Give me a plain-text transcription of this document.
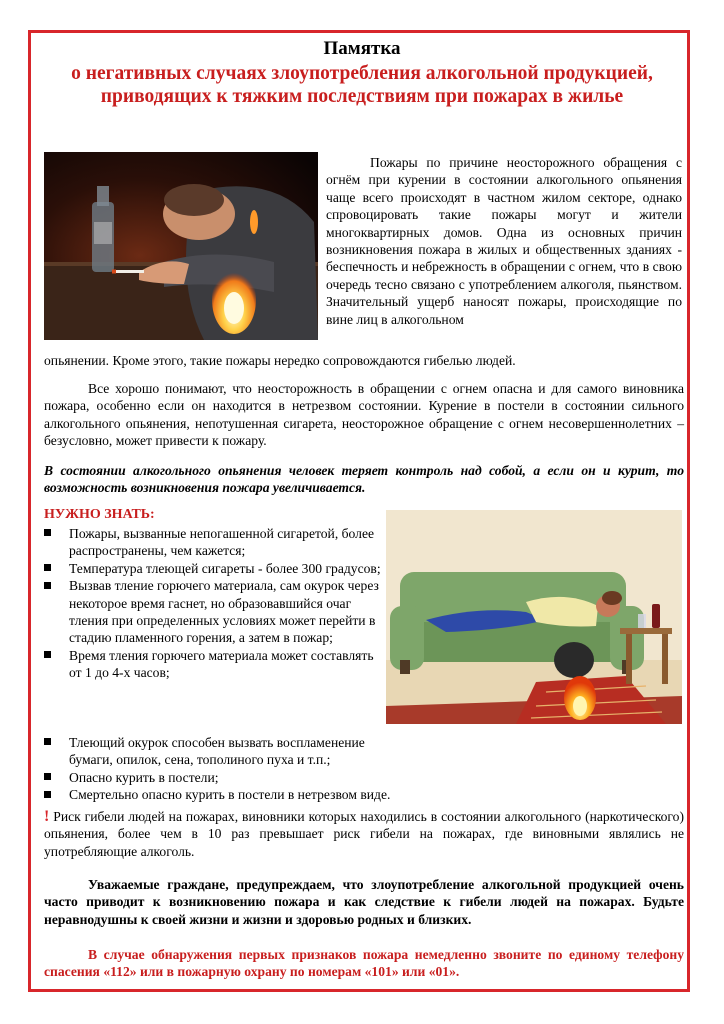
Памятка
о негативных случаях злоупотребления алкогольной продукцией, приводящих к тяжким последствиям при пожарах в жилье

Пожары по причине неосторожного обращения с огнём при курении в состоянии алкогольного опьянения чаще всего происходят в частном жилом секторе, однако спровоцировать такие пожары могут и жители многоквартирных домов. Одна из основных причин возникновения пожара в жилых и общественных зданиях - беспечность и небрежность в обращении с огнем, что в свою очередь тесно связано с употреблением алкоголя, пьянством. Значительный ущерб наносят пожары, происходящие по вине лиц в алкогольном

опьянении. Кроме этого, такие пожары нередко сопровождаются гибелью людей.

Все хорошо понимают, что неосторожность в обращении с огнем опасна и для самого виновника пожара, особенно если он находится в нетрезвом состоянии. Курение в постели в состоянии сильного алкогольного опьянения, непотушенная сигарета, неосторожное обращение с огнем несовершеннолетних – безусловно, может привести к пожару.

В состоянии алкогольного опьянения человек теряет контроль над собой, а если он и курит, то возможность возникновения пожара увеличивается.

НУЖНО ЗНАТЬ:
Пожары, вызванные непогашенной сигаретой, более распространены, чем кажется;
Температура тлеющей сигареты - более 300 градусов;
Вызвав тление горючего материала, сам окурок через некоторое время гаснет, но образовавшийся очаг тления при определенных условиях может перейти в стадию пламенного горения, а затем в пожар;
Время тления горючего материала может составлять от 1 до 4-х часов;
Тлеющий окурок способен вызвать воспламенение бумаги, опилок, сена, тополиного пуха и т.п.;
Опасно курить в постели;
Смертельно опасно курить в постели в нетрезвом виде.

! Риск гибели людей на пожарах, виновники которых находились в состоянии алкогольного (наркотического) опьянения, более чем в 10 раз превышает риск гибели на пожарах, где виновными являлись не употребляющие алкоголь.

Уважаемые граждане, предупреждаем, что злоупотребление алкогольной продукцией очень часто приводит к возникновению пожара и как следствие к гибели людей на пожарах. Будьте неравнодушны к своей жизни и жизни и здоровью родных и близких.

В случае обнаружения первых признаков пожара немедленно звоните по единому телефону спасения «112» или в пожарную охрану по номерам «101» или «01».
